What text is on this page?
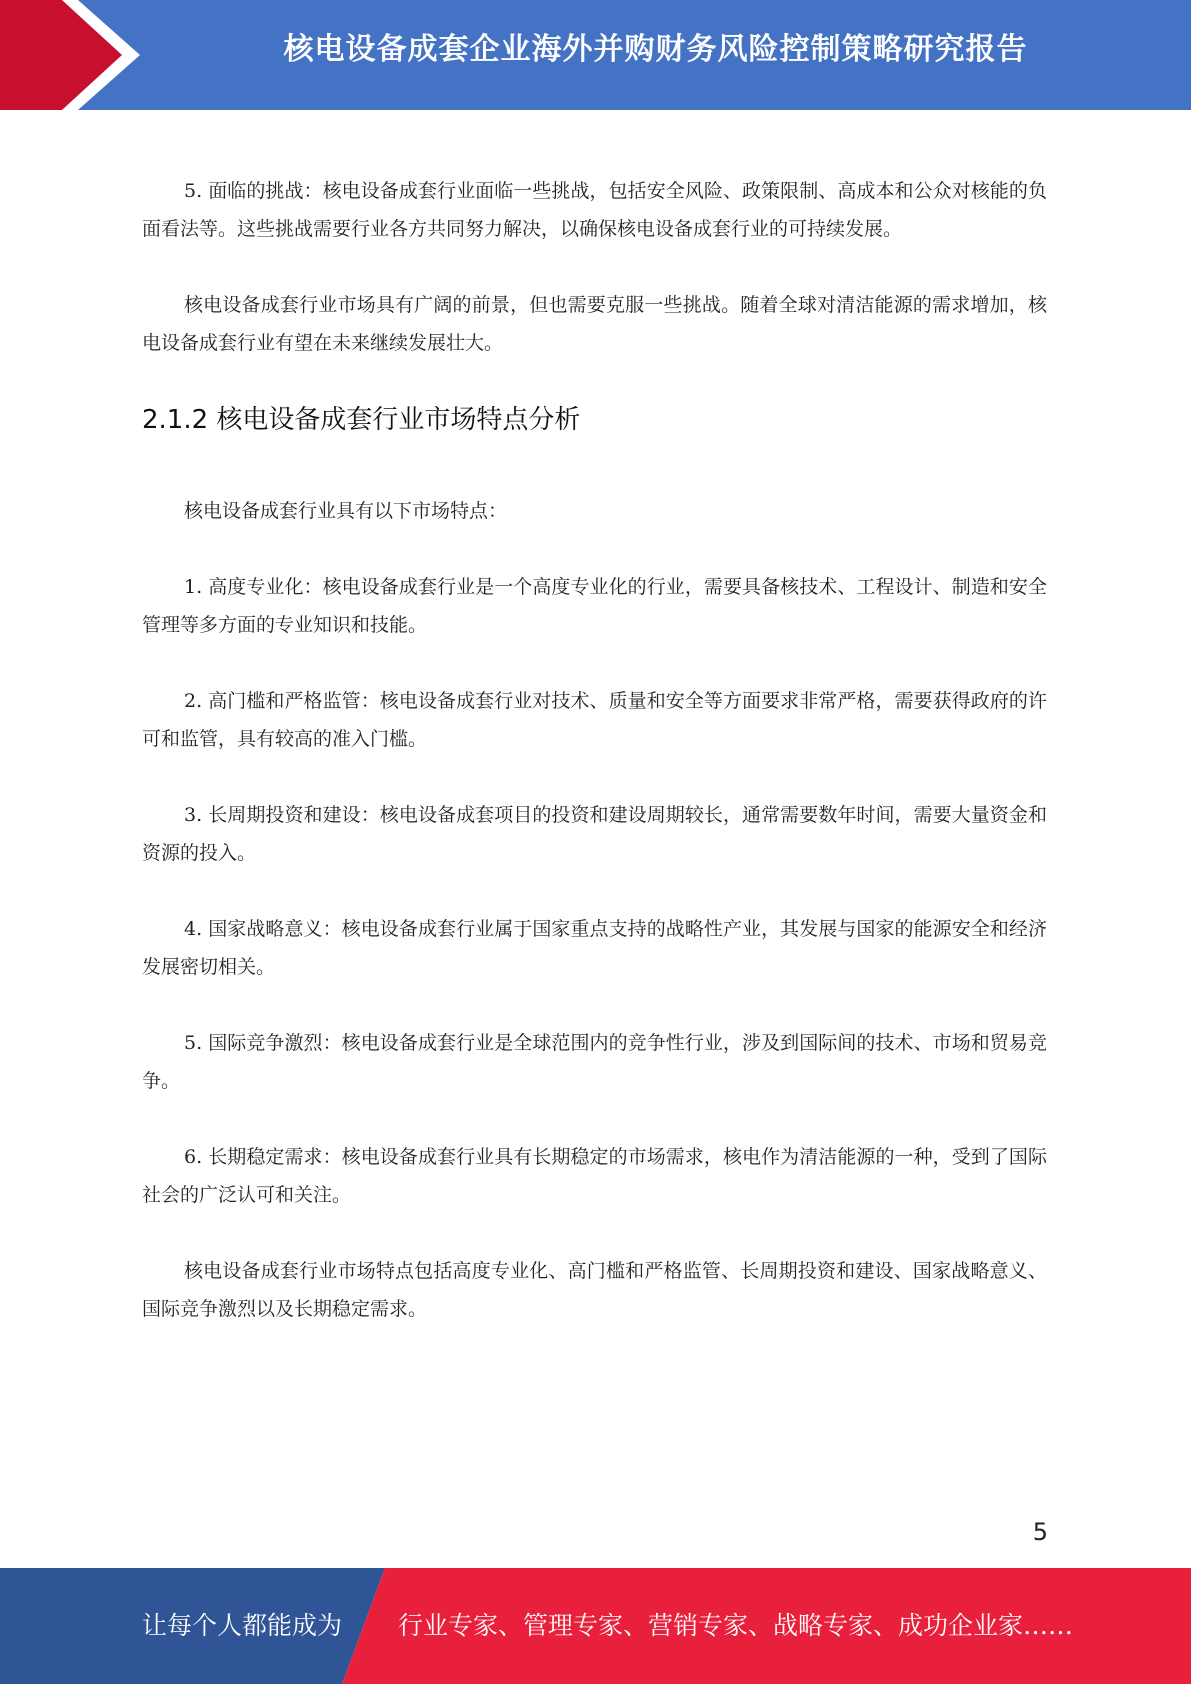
核电设备成套企业海外并购财务风险控制策略研究报告

5. 面临的挑战：核电设备成套行业面临一些挑战，包括安全风险、政策限制、高成本和公众对核能的负面看法等。这些挑战需要行业各方共同努力解决，以确保核电设备成套行业的可持续发展。

核电设备成套行业市场具有广阔的前景，但也需要克服一些挑战。随着全球对清洁能源的需求增加，核电设备成套行业有望在未来继续发展壮大。

2.1.2 核电设备成套行业市场特点分析

核电设备成套行业具有以下市场特点：

1. 高度专业化：核电设备成套行业是一个高度专业化的行业，需要具备核技术、工程设计、制造和安全管理等多方面的专业知识和技能。

2. 高门槛和严格监管：核电设备成套行业对技术、质量和安全等方面要求非常严格，需要获得政府的许可和监管，具有较高的准入门槛。

3. 长周期投资和建设：核电设备成套项目的投资和建设周期较长，通常需要数年时间，需要大量资金和资源的投入。

4. 国家战略意义：核电设备成套行业属于国家重点支持的战略性产业，其发展与国家的能源安全和经济发展密切相关。

5. 国际竞争激烈：核电设备成套行业是全球范围内的竞争性行业，涉及到国际间的技术、市场和贸易竞争。

6. 长期稳定需求：核电设备成套行业具有长期稳定的市场需求，核电作为清洁能源的一种，受到了国际社会的广泛认可和关注。

核电设备成套行业市场特点包括高度专业化、高门槛和严格监管、长周期投资和建设、国家战略意义、国际竞争激烈以及长期稳定需求。

5
让每个人都能成为 行业专家、管理专家、营销专家、战略专家、成功企业家……
